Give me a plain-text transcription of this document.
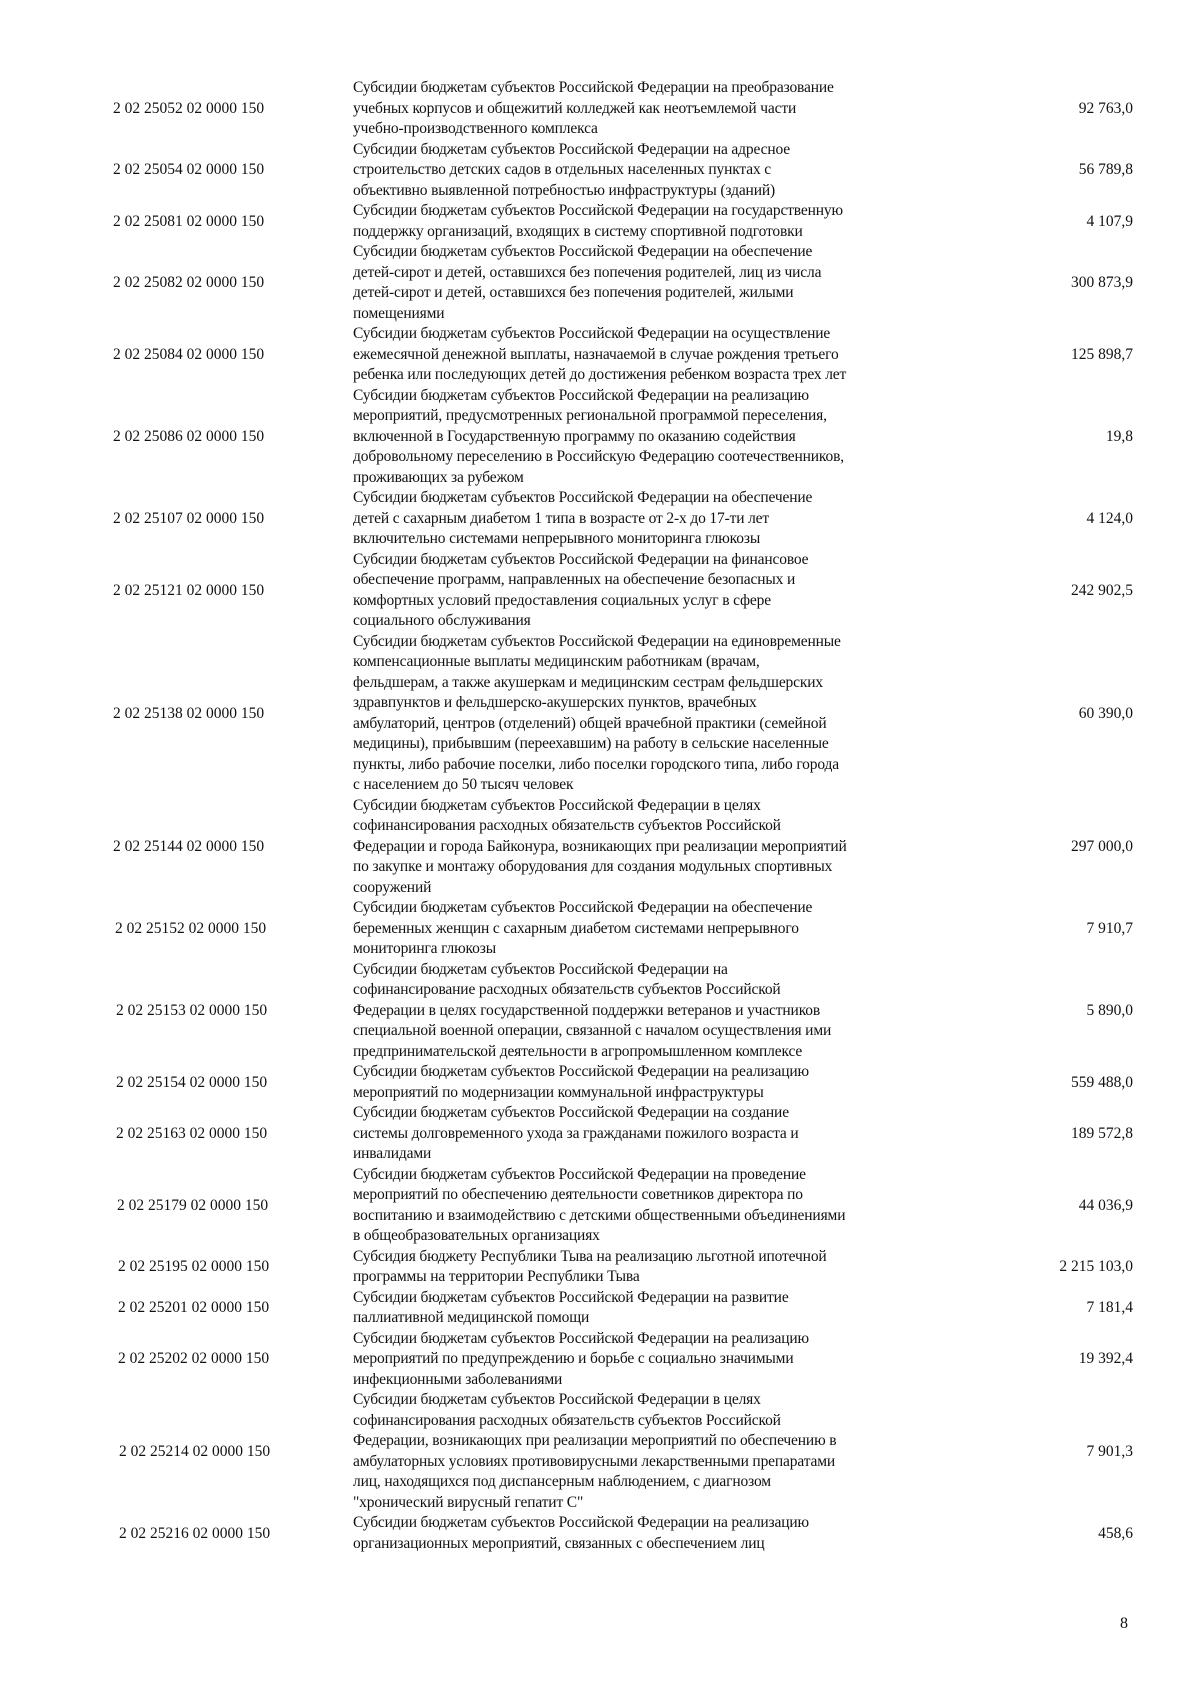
2 02 25052 02 0000 150
Субсидии бюджетам субъектов Российской Федерации на преобразование
учебных корпусов и общежитий колледжей как неотъемлемой части
учебно-производственного комплекса
92 763,0
2 02 25054 02 0000 150
Субсидии бюджетам субъектов Российской Федерации на адресное
строительство детских садов в отдельных населенных пунктах с
объективно выявленной потребностью инфраструктуры (зданий)
56 789,8
2 02 25081 02 0000 150
Субсидии бюджетам субъектов Российской Федерации на государственную
поддержку организаций, входящих в систему спортивной подготовки
4 107,9
2 02 25082 02 0000 150
Субсидии бюджетам субъектов Российской Федерации на обеспечение
детей-сирот и детей, оставшихся без попечения родителей, лиц из числа
детей-сирот и детей, оставшихся без попечения родителей, жилыми
помещениями
300 873,9
2 02 25084 02 0000 150
Субсидии бюджетам субъектов Российской Федерации на осуществление
ежемесячной денежной выплаты, назначаемой в случае рождения третьего
ребенка или последующих детей до достижения ребенком возраста трех лет
125 898,7
2 02 25086 02 0000 150
Субсидии бюджетам субъектов Российской Федерации на реализацию
мероприятий, предусмотренных региональной программой переселения,
включенной в Государственную программу по оказанию содействия
добровольному переселению в Российскую Федерацию соотечественников,
проживающих за рубежом
19,8
2 02 25107 02 0000 150
Субсидии бюджетам субъектов Российской Федерации на обеспечение
детей с сахарным диабетом 1 типа в возрасте от 2-х до 17-ти лет
включительно системами непрерывного мониторинга глюкозы
4 124,0
2 02 25121 02 0000 150
Субсидии бюджетам субъектов Российской Федерации на финансовое
обеспечение программ, направленных на обеспечение безопасных и
комфортных условий предоставления социальных услуг в сфере
социального обслуживания
242 902,5
2 02 25138 02 0000 150
Субсидии бюджетам субъектов Российской Федерации на единовременные
компенсационные выплаты медицинским работникам (врачам,
фельдшерам, а также акушеркам и медицинским сестрам фельдшерских
здравпунктов и фельдшерско-акушерских пунктов, врачебных
амбулаторий, центров (отделений) общей врачебной практики (семейной
медицины), прибывшим (переехавшим) на работу в сельские населенные
пункты, либо рабочие поселки, либо поселки городского типа, либо города
с населением до 50 тысяч человек
60 390,0
2 02 25144 02 0000 150
Субсидии бюджетам субъектов Российской Федерации в целях
софинансирования расходных обязательств субъектов Российской
Федерации и города Байконура, возникающих при реализации мероприятий
по закупке и монтажу оборудования для создания модульных спортивных
сооружений
297 000,0
2 02 25152 02 0000 150
Субсидии бюджетам субъектов Российской Федерации на обеспечение
беременных женщин с сахарным диабетом системами непрерывного
мониторинга глюкозы
7 910,7
2 02 25153 02 0000 150
Субсидии бюджетам субъектов Российской Федерации на
софинансирование расходных обязательств субъектов Российской
Федерации в целях государственной поддержки ветеранов и участников
специальной военной операции, связанной с началом осуществления ими
предпринимательской деятельности в агропромышленном комплексе
5 890,0
2 02 25154 02 0000 150
Субсидии бюджетам субъектов Российской Федерации на реализацию
мероприятий по модернизации коммунальной инфраструктуры
559 488,0
2 02 25163 02 0000 150
Субсидии бюджетам субъектов Российской Федерации на создание
системы долговременного ухода за гражданами пожилого возраста и
инвалидами
189 572,8
2 02 25179 02 0000 150
Субсидии бюджетам субъектов Российской Федерации на проведение
мероприятий по обеспечению деятельности советников директора по
воспитанию и взаимодействию с детскими общественными объединениями
в общеобразовательных организациях
44 036,9
2 02 25195 02 0000 150
Субсидия бюджету Республики Тыва на реализацию льготной ипотечной
программы на территории Республики Тыва
2 215 103,0
2 02 25201 02 0000 150
Субсидии бюджетам субъектов Российской Федерации на развитие
паллиативной медицинской помощи
7 181,4
2 02 25202 02 0000 150
Субсидии бюджетам субъектов Российской Федерации на реализацию
мероприятий по предупреждению и борьбе с социально значимыми
инфекционными заболеваниями
19 392,4
2 02 25214 02 0000 150
Субсидии бюджетам субъектов Российской Федерации в целях
софинансирования расходных обязательств субъектов Российской
Федерации, возникающих при реализации мероприятий по обеспечению в
амбулаторных условиях противовирусными лекарственными препаратами
лиц, находящихся под диспансерным наблюдением, с диагнозом
"хронический вирусный гепатит С"
7 901,3
2 02 25216 02 0000 150
Субсидии бюджетам субъектов Российской Федерации на реализацию
организационных мероприятий, связанных с обеспечением лиц
458,6
8
